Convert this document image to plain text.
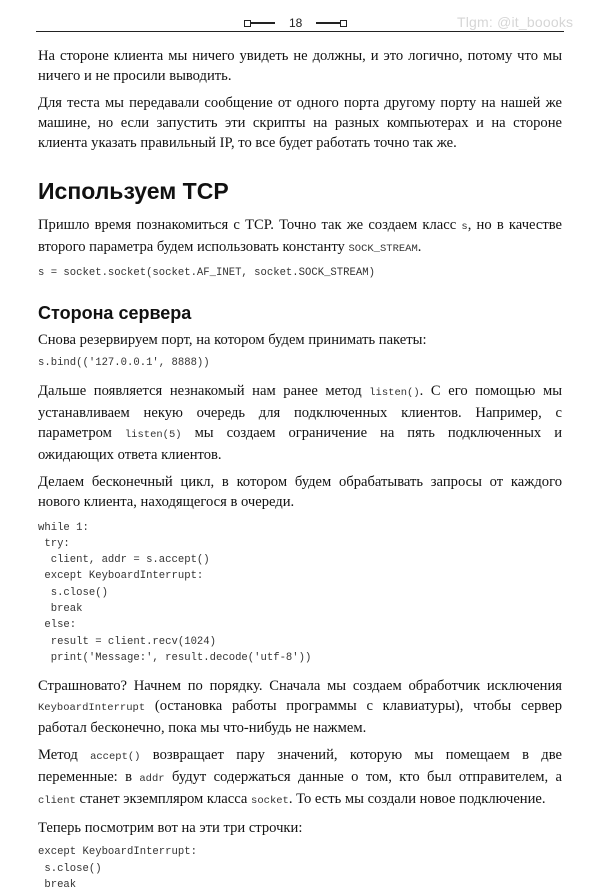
18	Tlgm: @it_boooks

На стороне клиента мы ничего увидеть не должны, и это логично, потому что мы ничего и не просили выводить.

Для теста мы передавали сообщение от одного порта другому порту на нашей же машине, но если запустить эти скрипты на разных компьютерах и на стороне клиента указать правильный IP, то все будет работать точно так же.

Используем TCP

Пришло время познакомиться с TCP. Точно так же создаем класс s, но в качестве второго параметра будем использовать константу SOCK_STREAM.

s = socket.socket(socket.AF_INET, socket.SOCK_STREAM)
Сторона сервера

Снова резервируем порт, на котором будем принимать пакеты:

s.bind(('127.0.0.1', 8888))

Дальше появляется незнакомый нам ранее метод listen(). С его помощью мы устанавливаем некую очередь для подключенных клиентов. Например, с параметром listen(5) мы создаем ограничение на пять подключенных и ожидающих ответа клиентов.

Делаем бесконечный цикл, в котором будем обрабатывать запросы от каждого нового клиента, находящегося в очереди.

while 1:
try:
client, addr = s.accept()
except KeyboardInterrupt:
s.close()
break
else:
result = client.recv(1024)
print('Message:', result.decode('utf-8'))

Страшновато? Начнем по порядку. Сначала мы создаем обработчик исключения KeyboardInterrupt (остановка работы программы с клавиатуры), чтобы сервер работал бесконечно, пока мы что-нибудь не нажмем.

Метод accept() возвращает пару значений, которую мы помещаем в две переменные: в addr будут содержаться данные о том, кто был отправителем, а client станет экземпляром класса socket. То есть мы создали новое подключение.

Теперь посмотрим вот на эти три строчки:

except KeyboardInterrupt:
s.close()
break
